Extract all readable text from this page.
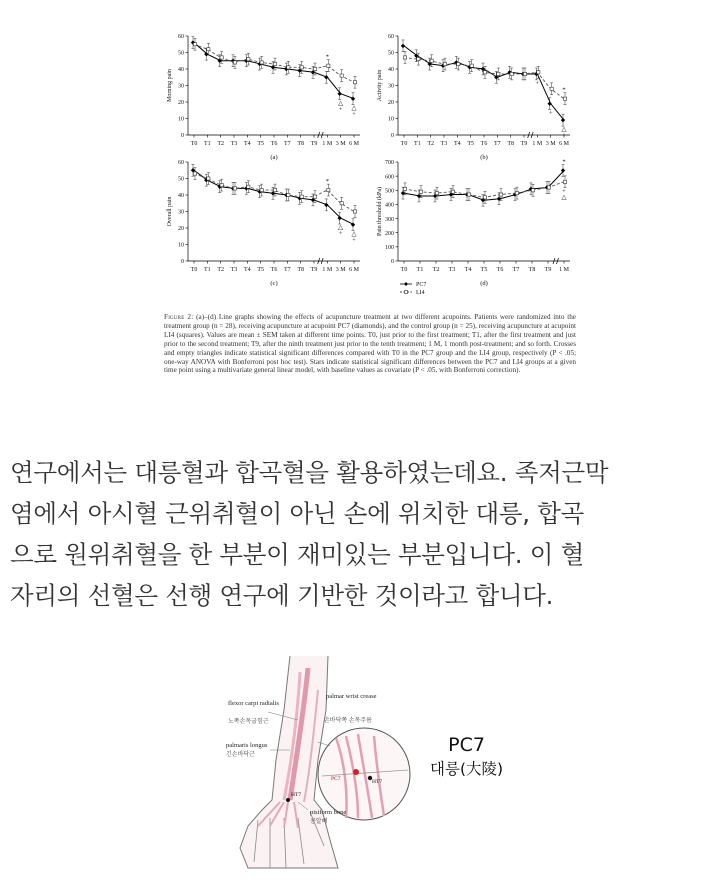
0
10
20
30
40
50
60
T0 T1 T2 T3 T4 T5 T6 T7 T8 T9 1 M 3 M 6 M
Morning pain
(a)
*
△
△
+
+
0
10
20
30
40
50
60
T0 T1 T2 T3 T4 T5 T6 T7 T8 T9 1 M 3 M 6 M
Activity pain
(b)
+
*
△
+
+
0
10
20
30
40
50
60
T0 T1 T2 T3 T4 T5 T6 T7 T8 T9 1 M 3 M 6 M
Overall pain
(c)
*
△
△
+
+
0
100
200
300
400
500
600
700
T0 T1 T2 T3 T4 T5 T6 T7 T8 T9 1 M
Pain threshold (kPa)
(d)
*
+
△
PC7
LI4
Figure 2: (a)–(d) Line graphs showing the effects of acupuncture treatment at two different acupoints. Patients were randomized into the treatment group (n = 28), receiving acupuncture at acupoint PC7 (diamonds), and the control group (n = 25), receiving acupuncture at acupoint LI4 (squares). Values are mean ± SEM taken at different time points. T0, just prior to the first treatment; T1, after the first treatment and just prior to the second treatment; T9, after the ninth treatment just prior to the tenth treatment; 1 M, 1 month post-treatment; and so forth. Crosses and empty triangles indicate statistical significant differences compared with T0 in the PC7 group and the LI4 group, respectively (P < .05; one-way ANOVA with Bonferroni post hoc test). Stars indicate statistical significant differences between the PC7 and LI4 groups at a given time point using a multivariate general linear model, with baseline values as covariate (P < .05, with Bonferroni correction).
연구에서는 대릉혈과 합곡혈을 활용하였는데요. 족저근막
염에서 아시혈 근위취혈이 아닌 손에 위치한 대릉, 합곡
으로 원위취혈을 한 부분이 재미있는 부분입니다. 이 혈
자리의 선혈은 선행 연구에 기반한 것이라고 합니다.
HT7
PC7	HT7
flexor carpi radialis
노쪽손목굽힘근
palmaris longus
긴손바닥근
palmar wrist crease
손바닥쪽 손목주름
pisiform bone
콩알뼈
PC7
대릉(大陵)
